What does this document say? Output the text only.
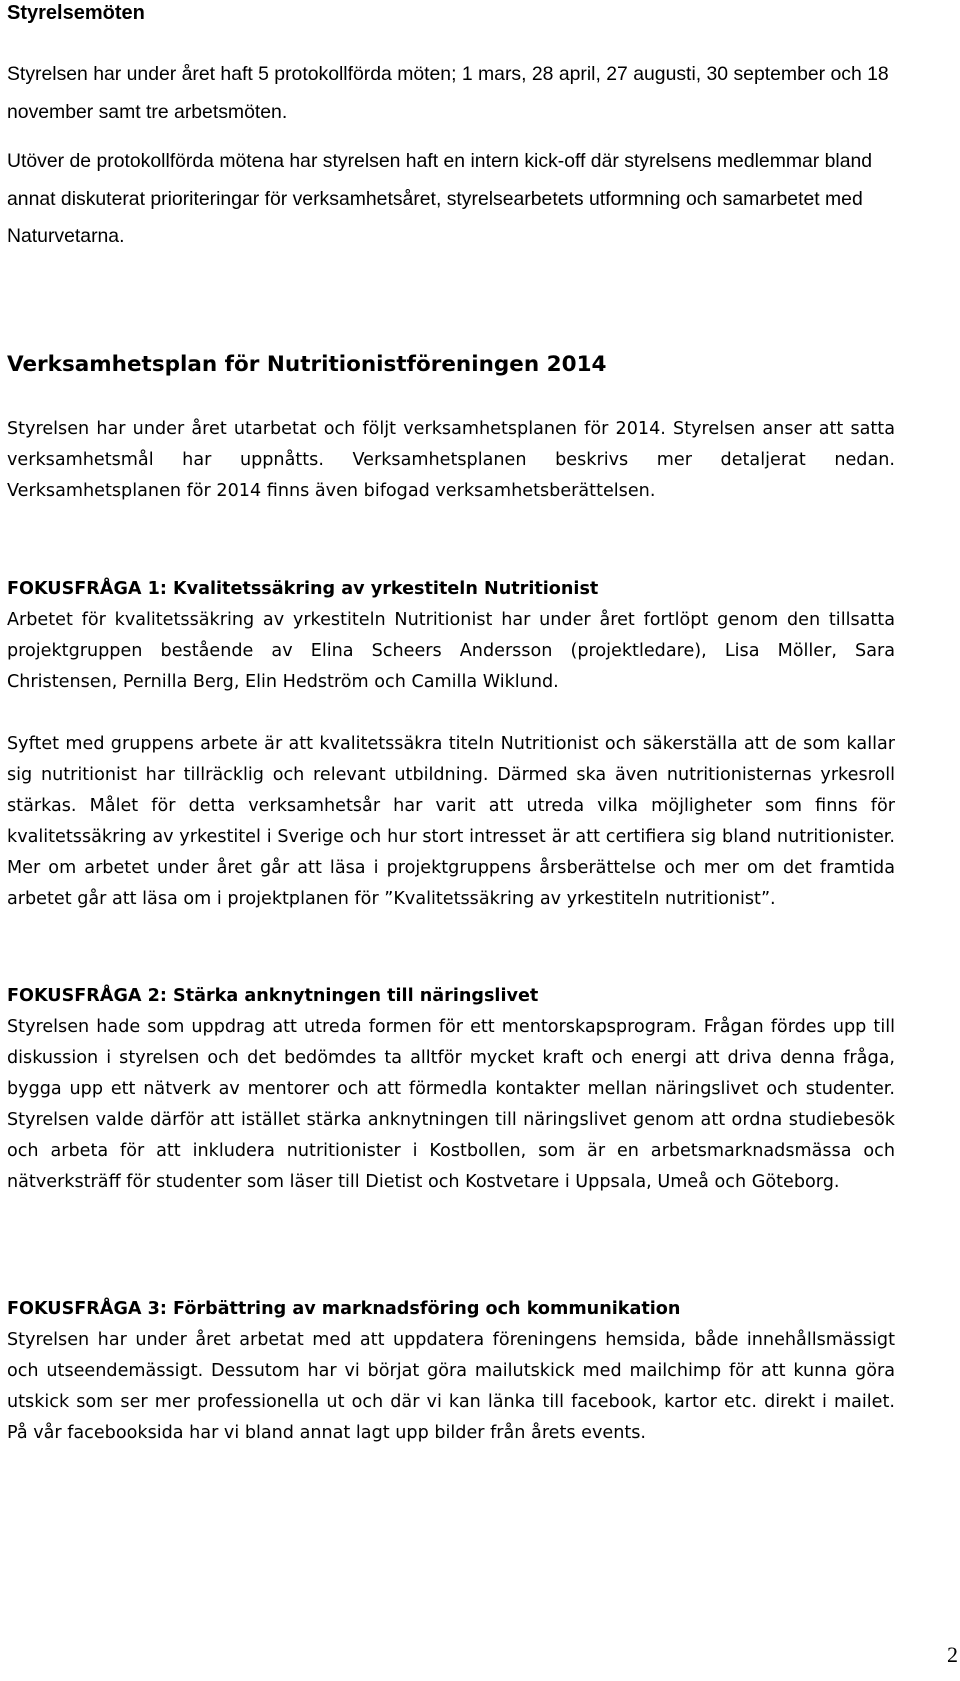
Styrelsemöten

Styrelsen har under året haft 5 protokollförda möten; 1 mars, 28 april, 27 augusti, 30 september och 18 november samt tre arbetsmöten.

Utöver de protokollförda mötena har styrelsen haft en intern kick-off där styrelsens medlemmar bland annat diskuterat prioriteringar för verksamhetsåret, styrelsearbetets utformning och samarbetet med Naturvetarna.

Verksamhetsplan för Nutritionistföreningen 2014

Styrelsen har under året utarbetat och följt verksamhetsplanen för 2014. Styrelsen anser att satta verksamhetsmål har uppnåtts. Verksamhetsplanen beskrivs mer detaljerat nedan. Verksamhetsplanen för 2014 finns även bifogad verksamhetsberättelsen.

FOKUSFRÅGA 1: Kvalitetssäkring av yrkestiteln Nutritionist

Arbetet för kvalitetssäkring av yrkestiteln Nutritionist har under året fortlöpt genom den tillsatta projektgruppen bestående av Elina Scheers Andersson (projektledare), Lisa Möller, Sara Christensen, Pernilla Berg, Elin Hedström och Camilla Wiklund.

Syftet med gruppens arbete är att kvalitetssäkra titeln Nutritionist och säkerställa att de som kallar sig nutritionist har tillräcklig och relevant utbildning. Därmed ska även nutritionisternas yrkesroll stärkas. Målet för detta verksamhetsår har varit att utreda vilka möjligheter som finns för kvalitetssäkring av yrkestitel i Sverige och hur stort intresset är att certifiera sig bland nutritionister. Mer om arbetet under året går att läsa i projektgruppens årsberättelse och mer om det framtida arbetet går att läsa om i projektplanen för ”Kvalitetssäkring av yrkestiteln nutritionist”.

FOKUSFRÅGA 2: Stärka anknytningen till näringslivet

Styrelsen hade som uppdrag att utreda formen för ett mentorskapsprogram. Frågan fördes upp till diskussion i styrelsen och det bedömdes ta alltför mycket kraft och energi att driva denna fråga, bygga upp ett nätverk av mentorer och att förmedla kontakter mellan näringslivet och studenter. Styrelsen valde därför att istället stärka anknytningen till näringslivet genom att ordna studiebesök och arbeta för att inkludera nutritionister i Kostbollen, som är en arbetsmarknadsmässa och nätverksträff för studenter som läser till Dietist och Kostvetare i Uppsala, Umeå och Göteborg.

FOKUSFRÅGA 3: Förbättring av marknadsföring och kommunikation

Styrelsen har under året arbetat med att uppdatera föreningens hemsida, både innehållsmässigt och utseendemässigt. Dessutom har vi börjat göra mailutskick med mailchimp för att kunna göra utskick som ser mer professionella ut och där vi kan länka till facebook, kartor etc. direkt i mailet. På vår facebooksida har vi bland annat lagt upp bilder från årets events.

2
